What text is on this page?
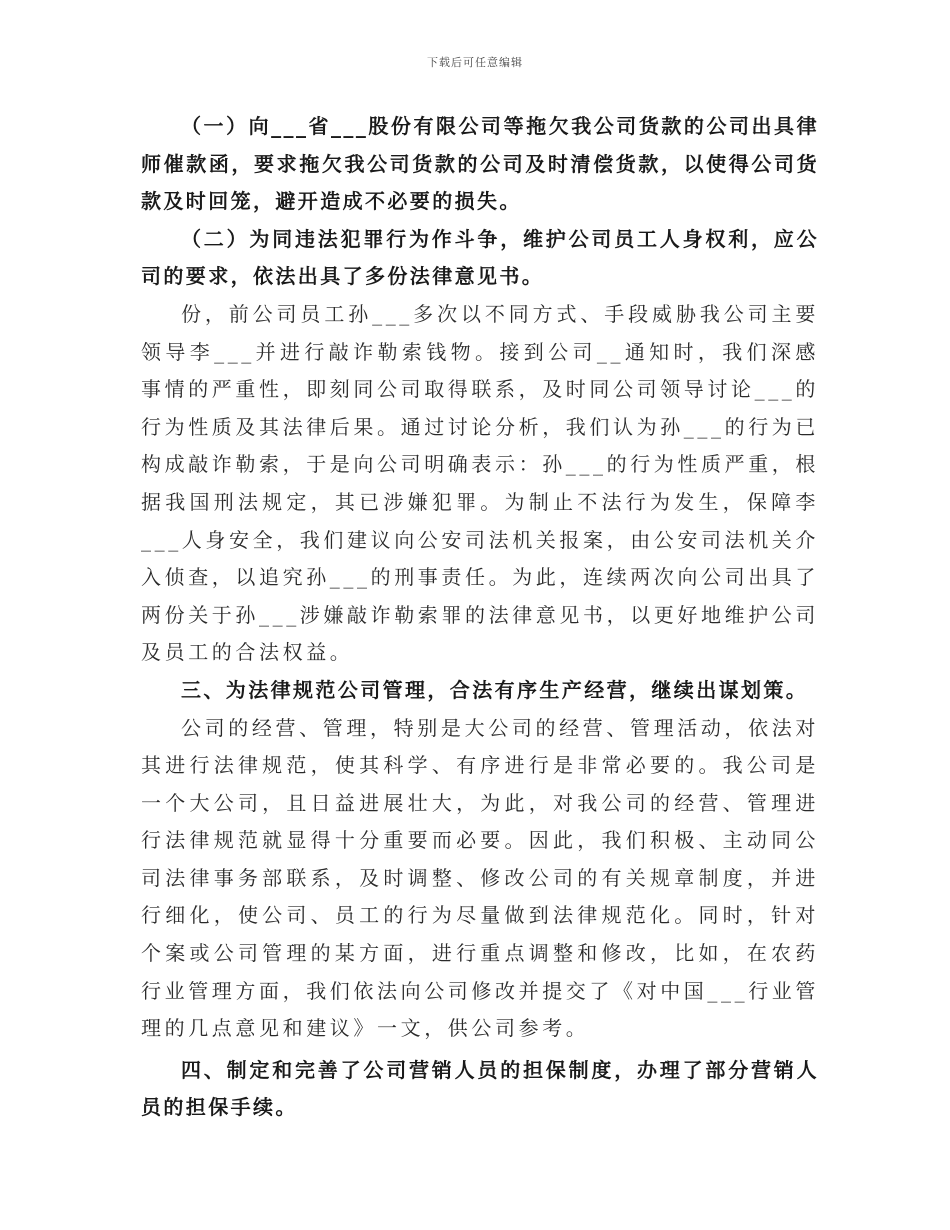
下载后可任意编辑

（一）向___省___股份有限公司等拖欠我公司货款的公司出具律师催款函，要求拖欠我公司货款的公司及时清偿货款，以使得公司货款及时回笼，避开造成不必要的损失。

（二）为同违法犯罪行为作斗争，维护公司员工人身权利，应公司的要求，依法出具了多份法律意见书。

份，前公司员工孙___多次以不同方式、手段威胁我公司主要领导李___并进行敲诈勒索钱物。接到公司__通知时，我们深感事情的严重性，即刻同公司取得联系，及时同公司领导讨论___的行为性质及其法律后果。通过讨论分析，我们认为孙___的行为已构成敲诈勒索，于是向公司明确表示：孙___的行为性质严重，根据我国刑法规定，其已涉嫌犯罪。为制止不法行为发生，保障李___人身安全，我们建议向公安司法机关报案，由公安司法机关介入侦查，以追究孙___的刑事责任。为此，连续两次向公司出具了两份关于孙___涉嫌敲诈勒索罪的法律意见书，以更好地维护公司及员工的合法权益。

三、为法律规范公司管理，合法有序生产经营，继续出谋划策。

公司的经营、管理，特别是大公司的经营、管理活动，依法对其进行法律规范，使其科学、有序进行是非常必要的。我公司是一个大公司，且日益进展壮大，为此，对我公司的经营、管理进行法律规范就显得十分重要而必要。因此，我们积极、主动同公司法律事务部联系，及时调整、修改公司的有关规章制度，并进行细化，使公司、员工的行为尽量做到法律规范化。同时，针对个案或公司管理的某方面，进行重点调整和修改，比如，在农药行业管理方面，我们依法向公司修改并提交了《对中国___行业管理的几点意见和建议》一文，供公司参考。

四、制定和完善了公司营销人员的担保制度，办理了部分营销人员的担保手续。
